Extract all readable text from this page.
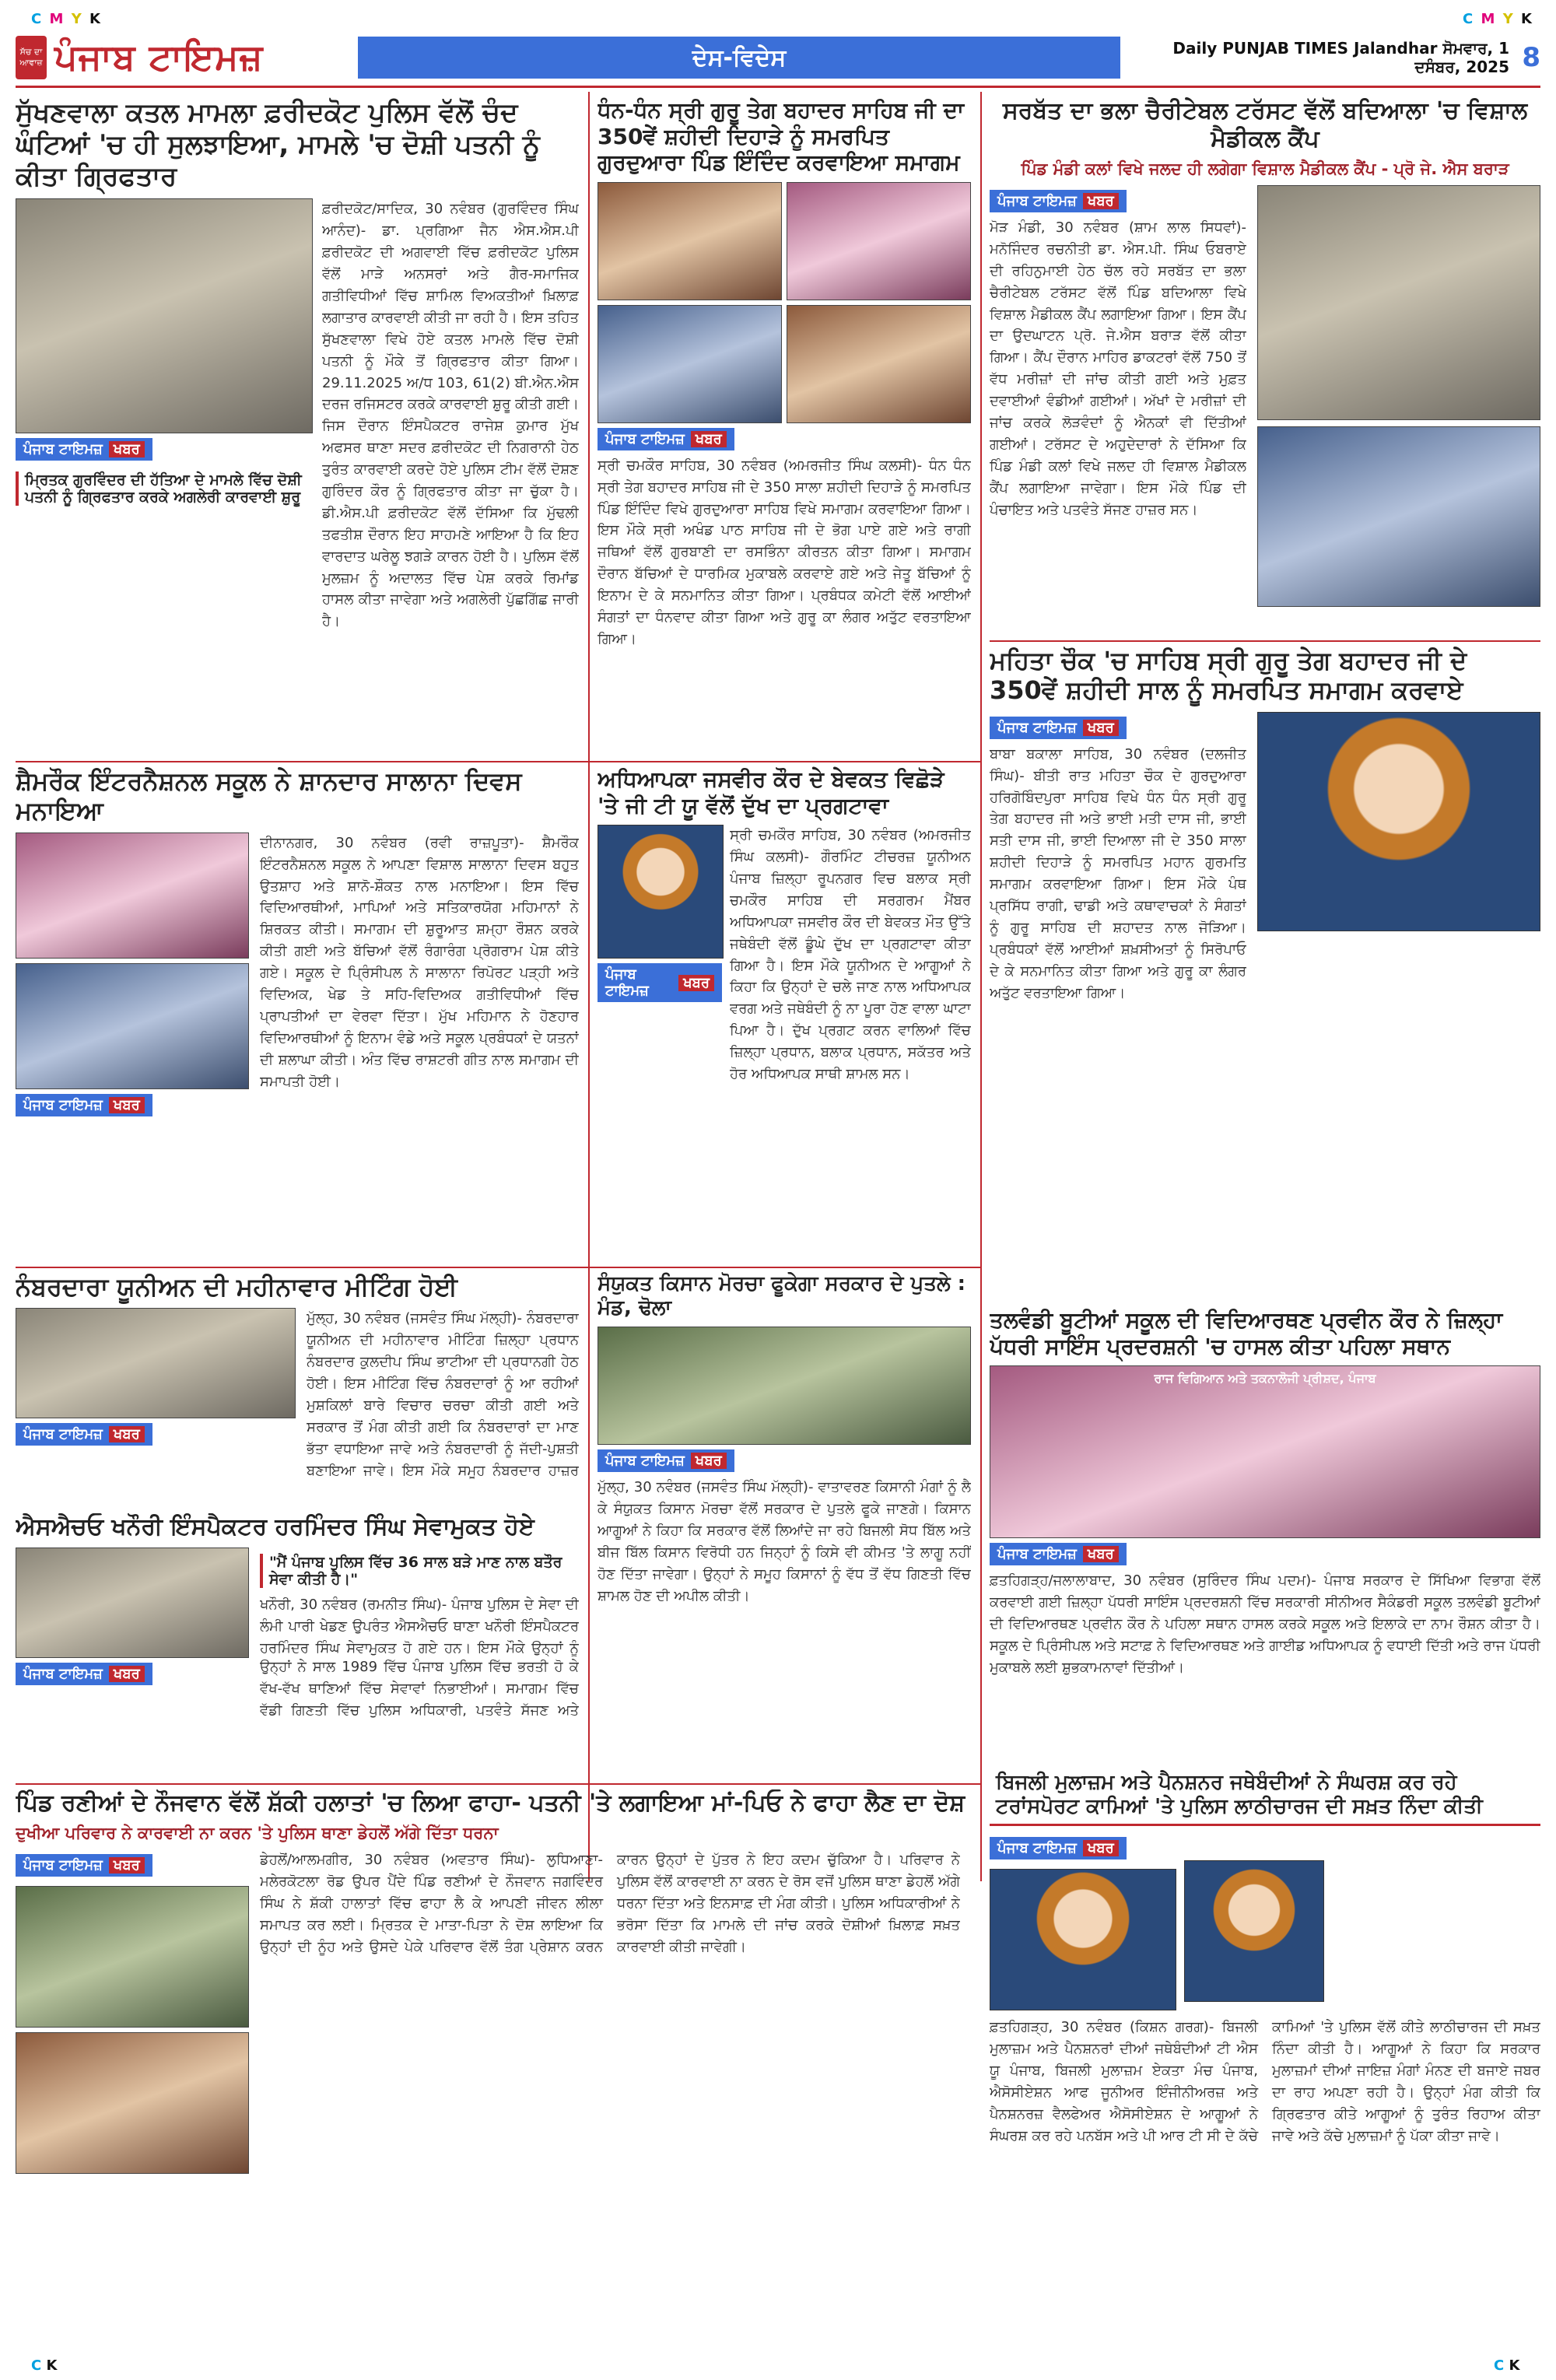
C M Y K	C M Y K
ਸੱਚ ਦਾ ਆਵਾਜ਼ ਪੰਜਾਬ ਟਾਇਮਜ਼	ਦੇਸ-ਵਿਦੇਸ	Daily PUNJAB TIMES Jalandhar ਸੋਮਵਾਰ, 1 ਦਸੰਬਰ, 2025 8
ਸੁੱਖਣਵਾਲਾ ਕਤਲ ਮਾਮਲਾ ਫ਼ਰੀਦਕੋਟ ਪੁਲਿਸ ਵੱਲੋਂ ਚੰਦ ਘੰਟਿਆਂ 'ਚ ਹੀ ਸੁਲਝਾਇਆ, ਮਾਮਲੇ 'ਚ ਦੋਸ਼ੀ ਪਤਨੀ ਨੂੰ ਕੀਤਾ ਗ੍ਰਿਫਤਾਰ
ਪੰਜਾਬ ਟਾਇਮਜ਼ ਖਬਰ
ਮ੍ਰਿਤਕ ਗੁਰਵਿੰਦਰ ਦੀ ਹੱਤਿਆ ਦੇ ਮਾਮਲੇ ਵਿੱਚ ਦੋਸ਼ੀ ਪਤਨੀ ਨੂੰ ਗ੍ਰਿਫਤਾਰ ਕਰਕੇ ਅਗਲੇਰੀ ਕਾਰਵਾਈ ਸ਼ੁਰੂ
ਫ਼ਰੀਦਕੋਟ/ਸਾਦਿਕ, 30 ਨਵੰਬਰ (ਗੁਰਵਿੰਦਰ ਸਿੰਘ ਆਨੰਦ)- ਡਾ. ਪ੍ਰਗਿਆ ਜੈਨ ਐਸ.ਐਸ.ਪੀ ਫ਼ਰੀਦਕੋਟ ਦੀ ਅਗਵਾਈ ਵਿੱਚ ਫ਼ਰੀਦਕੋਟ ਪੁਲਿਸ ਵੱਲੋਂ ਮਾੜੇ ਅਨਸਰਾਂ ਅਤੇ ਗੈਰ-ਸਮਾਜਿਕ ਗਤੀਵਿਧੀਆਂ ਵਿੱਚ ਸ਼ਾਮਿਲ ਵਿਅਕਤੀਆਂ ਖ਼ਿਲਾਫ਼ ਲਗਾਤਾਰ ਕਾਰਵਾਈ ਕੀਤੀ ਜਾ ਰਹੀ ਹੈ। ਇਸ ਤਹਿਤ ਸੁੱਖਣਵਾਲਾ ਵਿਖੇ ਹੋਏ ਕਤਲ ਮਾਮਲੇ ਵਿੱਚ ਦੋਸ਼ੀ ਪਤਨੀ ਨੂੰ ਮੌਕੇ ਤੋਂ ਗ੍ਰਿਫਤਾਰ ਕੀਤਾ ਗਿਆ। 29.11.2025 ਅ/ਧ 103, 61(2) ਬੀ.ਐਨ.ਐਸ ਦਰਜ ਰਜਿਸਟਰ ਕਰਕੇ ਕਾਰਵਾਈ ਸ਼ੁਰੂ ਕੀਤੀ ਗਈ। ਜਿਸ ਦੌਰਾਨ ਇੰਸਪੈਕਟਰ ਰਾਜੇਸ਼ ਕੁਮਾਰ ਮੁੱਖ ਅਫਸਰ ਥਾਣਾ ਸਦਰ ਫ਼ਰੀਦਕੋਟ ਦੀ ਨਿਗਰਾਨੀ ਹੇਠ ਤੁਰੰਤ ਕਾਰਵਾਈ ਕਰਦੇ ਹੋਏ ਪੁਲਿਸ ਟੀਮ ਵੱਲੋਂ ਦੋਸ਼ਣ ਗੁਰਿੰਦਰ ਕੌਰ ਨੂੰ ਗ੍ਰਿਫਤਾਰ ਕੀਤਾ ਜਾ ਚੁੱਕਾ ਹੈ। ਡੀ.ਐਸ.ਪੀ ਫ਼ਰੀਦਕੋਟ ਵੱਲੋਂ ਦੱਸਿਆ ਕਿ ਮੁੱਢਲੀ ਤਫਤੀਸ਼ ਦੌਰਾਨ ਇਹ ਸਾਹਮਣੇ ਆਇਆ ਹੈ ਕਿ ਇਹ ਵਾਰਦਾਤ ਘਰੇਲੂ ਝਗੜੇ ਕਾਰਨ ਹੋਈ ਹੈ। ਪੁਲਿਸ ਵੱਲੋਂ ਮੁਲਜ਼ਮ ਨੂੰ ਅਦਾਲਤ ਵਿੱਚ ਪੇਸ਼ ਕਰਕੇ ਰਿਮਾਂਡ ਹਾਸਲ ਕੀਤਾ ਜਾਵੇਗਾ ਅਤੇ ਅਗਲੇਰੀ ਪੁੱਛਗਿੱਛ ਜਾਰੀ ਹੈ।
ਧੰਨ-ਧੰਨ ਸ੍ਰੀ ਗੁਰੂ ਤੇਗ ਬਹਾਦਰ ਸਾਹਿਬ ਜੀ ਦਾ 350ਵੇਂ ਸ਼ਹੀਦੀ ਦਿਹਾੜੇ ਨੂੰ ਸਮਰਪਿਤ ਗੁਰਦੁਆਰਾ ਪਿੰਡ ਇੰਦਿੰਦ ਕਰਵਾਇਆ ਸਮਾਗਮ
ਪੰਜਾਬ ਟਾਇਮਜ਼ ਖਬਰ
ਸ੍ਰੀ ਚਮਕੌਰ ਸਾਹਿਬ, 30 ਨਵੰਬਰ (ਅਮਰਜੀਤ ਸਿੰਘ ਕਲਸੀ)- ਧੰਨ ਧੰਨ ਸ੍ਰੀ ਤੇਗ ਬਹਾਦਰ ਸਾਹਿਬ ਜੀ ਦੇ 350 ਸਾਲਾ ਸ਼ਹੀਦੀ ਦਿਹਾੜੇ ਨੂੰ ਸਮਰਪਿਤ ਪਿੰਡ ਇੰਦਿੰਦ ਵਿਖੇ ਗੁਰਦੁਆਰਾ ਸਾਹਿਬ ਵਿਖੇ ਸਮਾਗਮ ਕਰਵਾਇਆ ਗਿਆ। ਇਸ ਮੌਕੇ ਸ੍ਰੀ ਅਖੰਡ ਪਾਠ ਸਾਹਿਬ ਜੀ ਦੇ ਭੋਗ ਪਾਏ ਗਏ ਅਤੇ ਰਾਗੀ ਜਥਿਆਂ ਵੱਲੋਂ ਗੁਰਬਾਣੀ ਦਾ ਰਸਭਿੰਨਾ ਕੀਰਤਨ ਕੀਤਾ ਗਿਆ। ਸਮਾਗਮ ਦੌਰਾਨ ਬੱਚਿਆਂ ਦੇ ਧਾਰਮਿਕ ਮੁਕਾਬਲੇ ਕਰਵਾਏ ਗਏ ਅਤੇ ਜੇਤੂ ਬੱਚਿਆਂ ਨੂੰ ਇਨਾਮ ਦੇ ਕੇ ਸਨਮਾਨਿਤ ਕੀਤਾ ਗਿਆ। ਪ੍ਰਬੰਧਕ ਕਮੇਟੀ ਵੱਲੋਂ ਆਈਆਂ ਸੰਗਤਾਂ ਦਾ ਧੰਨਵਾਦ ਕੀਤਾ ਗਿਆ ਅਤੇ ਗੁਰੂ ਕਾ ਲੰਗਰ ਅਤੁੱਟ ਵਰਤਾਇਆ ਗਿਆ।
ਸਰਬੱਤ ਦਾ ਭਲਾ ਚੈਰੀਟੇਬਲ ਟਰੱਸਟ ਵੱਲੋਂ ਬਦਿਆਲਾ 'ਚ ਵਿਸ਼ਾਲ ਮੈਡੀਕਲ ਕੈਂਪ
ਪਿੰਡ ਮੰਡੀ ਕਲਾਂ ਵਿਖੇ ਜਲਦ ਹੀ ਲਗੇਗਾ ਵਿਸ਼ਾਲ ਮੈਡੀਕਲ ਕੈਂਪ - ਪ੍ਰੋ ਜੇ. ਐਸ ਬਰਾੜ
ਪੰਜਾਬ ਟਾਇਮਜ਼ ਖਬਰ
ਮੋੜ ਮੰਡੀ, 30 ਨਵੰਬਰ (ਸ਼ਾਮ ਲਾਲ ਸਿਧਵਾਂ)- ਮਨੋਜਿੰਦਰ ਰਚਨੀਤੀ ਡਾ. ਐਸ.ਪੀ. ਸਿੰਘ ਓਬਰਾਏ ਦੀ ਰਹਿਨੁਮਾਈ ਹੇਠ ਚੱਲ ਰਹੇ ਸਰਬੱਤ ਦਾ ਭਲਾ ਚੈਰੀਟੇਬਲ ਟਰੱਸਟ ਵੱਲੋਂ ਪਿੰਡ ਬਦਿਆਲਾ ਵਿਖੇ ਵਿਸ਼ਾਲ ਮੈਡੀਕਲ ਕੈਂਪ ਲਗਾਇਆ ਗਿਆ। ਇਸ ਕੈਂਪ ਦਾ ਉਦਘਾਟਨ ਪ੍ਰੋ. ਜੇ.ਐਸ ਬਰਾੜ ਵੱਲੋਂ ਕੀਤਾ ਗਿਆ। ਕੈਂਪ ਦੌਰਾਨ ਮਾਹਿਰ ਡਾਕਟਰਾਂ ਵੱਲੋਂ 750 ਤੋਂ ਵੱਧ ਮਰੀਜ਼ਾਂ ਦੀ ਜਾਂਚ ਕੀਤੀ ਗਈ ਅਤੇ ਮੁਫ਼ਤ ਦਵਾਈਆਂ ਵੰਡੀਆਂ ਗਈਆਂ। ਅੱਖਾਂ ਦੇ ਮਰੀਜ਼ਾਂ ਦੀ ਜਾਂਚ ਕਰਕੇ ਲੋੜਵੰਦਾਂ ਨੂੰ ਐਨਕਾਂ ਵੀ ਦਿੱਤੀਆਂ ਗਈਆਂ। ਟਰੱਸਟ ਦੇ ਅਹੁਦੇਦਾਰਾਂ ਨੇ ਦੱਸਿਆ ਕਿ ਪਿੰਡ ਮੰਡੀ ਕਲਾਂ ਵਿਖੇ ਜਲਦ ਹੀ ਵਿਸ਼ਾਲ ਮੈਡੀਕਲ ਕੈਂਪ ਲਗਾਇਆ ਜਾਵੇਗਾ। ਇਸ ਮੌਕੇ ਪਿੰਡ ਦੀ ਪੰਚਾਇਤ ਅਤੇ ਪਤਵੰਤੇ ਸੱਜਣ ਹਾਜ਼ਰ ਸਨ।
ਸ਼ੈਮਰੌਕ ਇੰਟਰਨੈਸ਼ਨਲ ਸਕੂਲ ਨੇ ਸ਼ਾਨਦਾਰ ਸਾਲਾਨਾ ਦਿਵਸ ਮਨਾਇਆ
ਪੰਜਾਬ ਟਾਇਮਜ਼ ਖਬਰ
ਦੀਨਾਨਗਰ, 30 ਨਵੰਬਰ (ਰਵੀ ਰਾਜ਼ਪੂਤਾ)- ਸ਼ੈਮਰੌਕ ਇੰਟਰਨੈਸ਼ਨਲ ਸਕੂਲ ਨੇ ਆਪਣਾ ਵਿਸ਼ਾਲ ਸਾਲਾਨਾ ਦਿਵਸ ਬਹੁਤ ਉਤਸ਼ਾਹ ਅਤੇ ਸ਼ਾਨੋ-ਸ਼ੌਕਤ ਨਾਲ ਮਨਾਇਆ। ਇਸ ਵਿੱਚ ਵਿਦਿਆਰਥੀਆਂ, ਮਾਪਿਆਂ ਅਤੇ ਸਤਿਕਾਰਯੋਗ ਮਹਿਮਾਨਾਂ ਨੇ ਸ਼ਿਰਕਤ ਕੀਤੀ। ਸਮਾਗਮ ਦੀ ਸ਼ੁਰੂਆਤ ਸ਼ਮ੍ਹਾ ਰੌਸ਼ਨ ਕਰਕੇ ਕੀਤੀ ਗਈ ਅਤੇ ਬੱਚਿਆਂ ਵੱਲੋਂ ਰੰਗਾਰੰਗ ਪ੍ਰੋਗਰਾਮ ਪੇਸ਼ ਕੀਤੇ ਗਏ। ਸਕੂਲ ਦੇ ਪ੍ਰਿੰਸੀਪਲ ਨੇ ਸਾਲਾਨਾ ਰਿਪੋਰਟ ਪੜ੍ਹੀ ਅਤੇ ਵਿਦਿਅਕ, ਖੇਡ ਤੇ ਸਹਿ-ਵਿਦਿਅਕ ਗਤੀਵਿਧੀਆਂ ਵਿੱਚ ਪ੍ਰਾਪਤੀਆਂ ਦਾ ਵੇਰਵਾ ਦਿੱਤਾ। ਮੁੱਖ ਮਹਿਮਾਨ ਨੇ ਹੋਣਹਾਰ ਵਿਦਿਆਰਥੀਆਂ ਨੂੰ ਇਨਾਮ ਵੰਡੇ ਅਤੇ ਸਕੂਲ ਪ੍ਰਬੰਧਕਾਂ ਦੇ ਯਤਨਾਂ ਦੀ ਸ਼ਲਾਘਾ ਕੀਤੀ। ਅੰਤ ਵਿੱਚ ਰਾਸ਼ਟਰੀ ਗੀਤ ਨਾਲ ਸਮਾਗਮ ਦੀ ਸਮਾਪਤੀ ਹੋਈ।
ਅਧਿਆਪਕਾ ਜਸਵੀਰ ਕੌਰ ਦੇ ਬੇਵਕਤ ਵਿਛੋੜੇ 'ਤੇ ਜੀ ਟੀ ਯੂ ਵੱਲੋਂ ਦੁੱਖ ਦਾ ਪ੍ਰਗਟਾਵਾ
ਪੰਜਾਬ ਟਾਇਮਜ਼	ਖਬਰ
ਸ੍ਰੀ ਚਮਕੌਰ ਸਾਹਿਬ, 30 ਨਵੰਬਰ (ਅਮਰਜੀਤ ਸਿੰਘ ਕਲਸੀ)- ਗੌਰਮਿੰਟ ਟੀਚਰਜ਼ ਯੂਨੀਅਨ ਪੰਜਾਬ ਜ਼ਿਲ੍ਹਾ ਰੂਪਨਗਰ ਵਿਚ ਬਲਾਕ ਸ੍ਰੀ ਚਮਕੌਰ ਸਾਹਿਬ ਦੀ ਸਰਗਰਮ ਮੈਂਬਰ ਅਧਿਆਪਕਾ ਜਸਵੀਰ ਕੌਰ ਦੀ ਬੇਵਕਤ ਮੌਤ ਉੱਤੇ ਜਥੇਬੰਦੀ ਵੱਲੋਂ ਡੂੰਘੇ ਦੁੱਖ ਦਾ ਪ੍ਰਗਟਾਵਾ ਕੀਤਾ ਗਿਆ ਹੈ। ਇਸ ਮੌਕੇ ਯੂਨੀਅਨ ਦੇ ਆਗੂਆਂ ਨੇ ਕਿਹਾ ਕਿ ਉਨ੍ਹਾਂ ਦੇ ਚਲੇ ਜਾਣ ਨਾਲ ਅਧਿਆਪਕ ਵਰਗ ਅਤੇ ਜਥੇਬੰਦੀ ਨੂੰ ਨਾ ਪੂਰਾ ਹੋਣ ਵਾਲਾ ਘਾਟਾ ਪਿਆ ਹੈ। ਦੁੱਖ ਪ੍ਰਗਟ ਕਰਨ ਵਾਲਿਆਂ ਵਿੱਚ ਜ਼ਿਲ੍ਹਾ ਪ੍ਰਧਾਨ, ਬਲਾਕ ਪ੍ਰਧਾਨ, ਸਕੱਤਰ ਅਤੇ ਹੋਰ ਅਧਿਆਪਕ ਸਾਥੀ ਸ਼ਾਮਲ ਸਨ।
ਮਹਿਤਾ ਚੌਕ 'ਚ ਸਾਹਿਬ ਸ੍ਰੀ ਗੁਰੂ ਤੇਗ ਬਹਾਦਰ ਜੀ ਦੇ 350ਵੇਂ ਸ਼ਹੀਦੀ ਸਾਲ ਨੂੰ ਸਮਰਪਿਤ ਸਮਾਗਮ ਕਰਵਾਏ
ਪੰਜਾਬ ਟਾਇਮਜ਼ ਖਬਰ
ਬਾਬਾ ਬਕਾਲਾ ਸਾਹਿਬ, 30 ਨਵੰਬਰ (ਦਲਜੀਤ ਸਿੰਘ)- ਬੀਤੀ ਰਾਤ ਮਹਿਤਾ ਚੌਕ ਦੇ ਗੁਰਦੁਆਰਾ ਹਰਿਗੋਬਿੰਦਪੁਰਾ ਸਾਹਿਬ ਵਿਖੇ ਧੰਨ ਧੰਨ ਸ੍ਰੀ ਗੁਰੂ ਤੇਗ ਬਹਾਦਰ ਜੀ ਅਤੇ ਭਾਈ ਮਤੀ ਦਾਸ ਜੀ, ਭਾਈ ਸਤੀ ਦਾਸ ਜੀ, ਭਾਈ ਦਿਆਲਾ ਜੀ ਦੇ 350 ਸਾਲਾ ਸ਼ਹੀਦੀ ਦਿਹਾੜੇ ਨੂੰ ਸਮਰਪਿਤ ਮਹਾਨ ਗੁਰਮਤਿ ਸਮਾਗਮ ਕਰਵਾਇਆ ਗਿਆ। ਇਸ ਮੌਕੇ ਪੰਥ ਪ੍ਰਸਿੱਧ ਰਾਗੀ, ਢਾਡੀ ਅਤੇ ਕਥਾਵਾਚਕਾਂ ਨੇ ਸੰਗਤਾਂ ਨੂੰ ਗੁਰੂ ਸਾਹਿਬ ਦੀ ਸ਼ਹਾਦਤ ਨਾਲ ਜੋੜਿਆ। ਪ੍ਰਬੰਧਕਾਂ ਵੱਲੋਂ ਆਈਆਂ ਸ਼ਖ਼ਸੀਅਤਾਂ ਨੂੰ ਸਿਰੋਪਾਓ ਦੇ ਕੇ ਸਨਮਾਨਿਤ ਕੀਤਾ ਗਿਆ ਅਤੇ ਗੁਰੂ ਕਾ ਲੰਗਰ ਅਤੁੱਟ ਵਰਤਾਇਆ ਗਿਆ।
ਨੰਬਰਦਾਰਾ ਯੂਨੀਅਨ ਦੀ ਮਹੀਨਾਵਾਰ ਮੀਟਿੰਗ ਹੋਈ
ਪੰਜਾਬ ਟਾਇਮਜ਼ ਖਬਰ
ਮੁੱਲ੍ਹ, 30 ਨਵੰਬਰ (ਜਸਵੰਤ ਸਿੰਘ ਮੱਲ੍ਹੀ)- ਨੰਬਰਦਾਰਾ ਯੂਨੀਅਨ ਦੀ ਮਹੀਨਾਵਾਰ ਮੀਟਿੰਗ ਜ਼ਿਲ੍ਹਾ ਪ੍ਰਧਾਨ ਨੰਬਰਦਾਰ ਕੁਲਦੀਪ ਸਿੰਘ ਭਾਟੀਆ ਦੀ ਪ੍ਰਧਾਨਗੀ ਹੇਠ ਹੋਈ। ਇਸ ਮੀਟਿੰਗ ਵਿੱਚ ਨੰਬਰਦਾਰਾਂ ਨੂੰ ਆ ਰਹੀਆਂ ਮੁਸ਼ਕਿਲਾਂ ਬਾਰੇ ਵਿਚਾਰ ਚਰਚਾ ਕੀਤੀ ਗਈ ਅਤੇ ਸਰਕਾਰ ਤੋਂ ਮੰਗ ਕੀਤੀ ਗਈ ਕਿ ਨੰਬਰਦਾਰਾਂ ਦਾ ਮਾਣ ਭੱਤਾ ਵਧਾਇਆ ਜਾਵੇ ਅਤੇ ਨੰਬਰਦਾਰੀ ਨੂੰ ਜੱਦੀ-ਪੁਸ਼ਤੀ ਬਣਾਇਆ ਜਾਵੇ। ਇਸ ਮੌਕੇ ਸਮੂਹ ਨੰਬਰਦਾਰ ਹਾਜ਼ਰ
ਸੰਯੁਕਤ ਕਿਸਾਨ ਮੋਰਚਾ ਫੂਕੇਗਾ ਸਰਕਾਰ ਦੇ ਪੁਤਲੇ : ਮੰਡ, ਢੋਲਾ
ਪੰਜਾਬ ਟਾਇਮਜ਼ ਖਬਰ
ਮੁੱਲ੍ਹ, 30 ਨਵੰਬਰ (ਜਸਵੰਤ ਸਿੰਘ ਮੱਲ੍ਹੀ)- ਵਾਤਾਵਰਣ ਕਿਸਾਨੀ ਮੰਗਾਂ ਨੂੰ ਲੈ ਕੇ ਸੰਯੁਕਤ ਕਿਸਾਨ ਮੋਰਚਾ ਵੱਲੋਂ ਸਰਕਾਰ ਦੇ ਪੁਤਲੇ ਫੂਕੇ ਜਾਣਗੇ। ਕਿਸਾਨ ਆਗੂਆਂ ਨੇ ਕਿਹਾ ਕਿ ਸਰਕਾਰ ਵੱਲੋਂ ਲਿਆਂਦੇ ਜਾ ਰਹੇ ਬਿਜਲੀ ਸੋਧ ਬਿੱਲ ਅਤੇ ਬੀਜ ਬਿੱਲ ਕਿਸਾਨ ਵਿਰੋਧੀ ਹਨ ਜਿਨ੍ਹਾਂ ਨੂੰ ਕਿਸੇ ਵੀ ਕੀਮਤ 'ਤੇ ਲਾਗੂ ਨਹੀਂ ਹੋਣ ਦਿੱਤਾ ਜਾਵੇਗਾ। ਉਨ੍ਹਾਂ ਨੇ ਸਮੂਹ ਕਿਸਾਨਾਂ ਨੂੰ ਵੱਧ ਤੋਂ ਵੱਧ ਗਿਣਤੀ ਵਿੱਚ ਸ਼ਾਮਲ ਹੋਣ ਦੀ ਅਪੀਲ ਕੀਤੀ।
ਤਲਵੰਡੀ ਬੂਟੀਆਂ ਸਕੂਲ ਦੀ ਵਿਦਿਆਰਥਣ ਪ੍ਰਵੀਨ ਕੌਰ ਨੇ ਜ਼ਿਲ੍ਹਾ ਪੱਧਰੀ ਸਾਇੰਸ ਪ੍ਰਦਰਸ਼ਨੀ 'ਚ ਹਾਸਲ ਕੀਤਾ ਪਹਿਲਾ ਸਥਾਨ
ਰਾਜ ਵਿਗਿਆਨ ਅਤੇ ਤਕਨਾਲੋਜੀ ਪ੍ਰੀਸ਼ਦ, ਪੰਜਾਬ
ਪੰਜਾਬ ਟਾਇਮਜ਼ ਖਬਰ
ਫ਼ਤਹਿਗੜ੍ਹ/ਜਲਾਲਾਬਾਦ, 30 ਨਵੰਬਰ (ਸੁਰਿੰਦਰ ਸਿੰਘ ਪਦਮ)- ਪੰਜਾਬ ਸਰਕਾਰ ਦੇ ਸਿੱਖਿਆ ਵਿਭਾਗ ਵੱਲੋਂ ਕਰਵਾਈ ਗਈ ਜ਼ਿਲ੍ਹਾ ਪੱਧਰੀ ਸਾਇੰਸ ਪ੍ਰਦਰਸ਼ਨੀ ਵਿੱਚ ਸਰਕਾਰੀ ਸੀਨੀਅਰ ਸੈਕੰਡਰੀ ਸਕੂਲ ਤਲਵੰਡੀ ਬੂਟੀਆਂ ਦੀ ਵਿਦਿਆਰਥਣ ਪ੍ਰਵੀਨ ਕੌਰ ਨੇ ਪਹਿਲਾ ਸਥਾਨ ਹਾਸਲ ਕਰਕੇ ਸਕੂਲ ਅਤੇ ਇਲਾਕੇ ਦਾ ਨਾਮ ਰੌਸ਼ਨ ਕੀਤਾ ਹੈ। ਸਕੂਲ ਦੇ ਪ੍ਰਿੰਸੀਪਲ ਅਤੇ ਸਟਾਫ਼ ਨੇ ਵਿਦਿਆਰਥਣ ਅਤੇ ਗਾਈਡ ਅਧਿਆਪਕ ਨੂੰ ਵਧਾਈ ਦਿੱਤੀ ਅਤੇ ਰਾਜ ਪੱਧਰੀ ਮੁਕਾਬਲੇ ਲਈ ਸ਼ੁਭਕਾਮਨਾਵਾਂ ਦਿੱਤੀਆਂ।
ਐਸਐਚਓ ਖਨੌਰੀ ਇੰਸਪੈਕਟਰ ਹਰਮਿੰਦਰ ਸਿੰਘ ਸੇਵਾਮੁਕਤ ਹੋਏ
ਪੰਜਾਬ ਟਾਇਮਜ਼ ਖਬਰ
"ਮੈਂ ਪੰਜਾਬ ਪੁਲਿਸ ਵਿੱਚ 36 ਸਾਲ ਬੜੇ ਮਾਣ ਨਾਲ ਬਤੌਰ ਸੇਵਾ ਕੀਤੀ ਹੈ।"
ਖਨੌਰੀ, 30 ਨਵੰਬਰ (ਰਮਨੀਤ ਸਿੰਘ)- ਪੰਜਾਬ ਪੁਲਿਸ ਦੇ ਸੇਵਾ ਦੀ ਲੰਮੀ ਪਾਰੀ ਖੇਡਣ ਉਪਰੰਤ ਐਸਐਚਓ ਥਾਣਾ ਖਨੌਰੀ ਇੰਸਪੈਕਟਰ ਹਰਮਿੰਦਰ ਸਿੰਘ ਸੇਵਾਮੁਕਤ ਹੋ ਗਏ ਹਨ। ਇਸ ਮੌਕੇ ਉਨ੍ਹਾਂ ਨੂੰ
ਉਨ੍ਹਾਂ ਨੇ ਸਾਲ 1989 ਵਿੱਚ ਪੰਜਾਬ ਪੁਲਿਸ ਵਿੱਚ ਭਰਤੀ ਹੋ ਕੇ ਵੱਖ-ਵੱਖ ਥਾਣਿਆਂ ਵਿੱਚ ਸੇਵਾਵਾਂ ਨਿਭਾਈਆਂ। ਸਮਾਗਮ ਵਿੱਚ ਵੱਡੀ ਗਿਣਤੀ ਵਿੱਚ ਪੁਲਿਸ ਅਧਿਕਾਰੀ, ਪਤਵੰਤੇ ਸੱਜਣ ਅਤੇ
ਬਿਜਲੀ ਮੁਲਾਜ਼ਮ ਅਤੇ ਪੈਨਸ਼ਨਰ ਜਥੇਬੰਦੀਆਂ ਨੇ ਸੰਘਰਸ਼ ਕਰ ਰਹੇ ਟਰਾਂਸਪੋਰਟ ਕਾਮਿਆਂ 'ਤੇ ਪੁਲਿਸ ਲਾਠੀਚਾਰਜ ਦੀ ਸਖ਼ਤ ਨਿੰਦਾ ਕੀਤੀ
ਪੰਜਾਬ ਟਾਇਮਜ਼ ਖਬਰ
ਫ਼ਤਹਿਗੜ੍ਹ, 30 ਨਵੰਬਰ (ਕਿਸ਼ਨ ਗਰਗ)- ਬਿਜਲੀ ਮੁਲਾਜ਼ਮ ਅਤੇ ਪੈਨਸ਼ਨਰਾਂ ਦੀਆਂ ਜਥੇਬੰਦੀਆਂ ਟੀ ਐਸ ਯੂ ਪੰਜਾਬ, ਬਿਜਲੀ ਮੁਲਾਜ਼ਮ ਏਕਤਾ ਮੰਚ ਪੰਜਾਬ, ਐਸੋਸੀਏਸ਼ਨ ਆਫ ਜੂਨੀਅਰ ਇੰਜੀਨੀਅਰਜ਼ ਅਤੇ ਪੈਨਸ਼ਨਰਜ਼ ਵੈਲਫੇਅਰ ਐਸੋਸੀਏਸ਼ਨ ਦੇ ਆਗੂਆਂ ਨੇ ਸੰਘਰਸ਼ ਕਰ ਰਹੇ ਪਨਬੱਸ ਅਤੇ ਪੀ ਆਰ ਟੀ ਸੀ ਦੇ ਕੱਚੇ ਕਾਮਿਆਂ 'ਤੇ ਪੁਲਿਸ ਵੱਲੋਂ ਕੀਤੇ ਲਾਠੀਚਾਰਜ ਦੀ ਸਖ਼ਤ ਨਿੰਦਾ ਕੀਤੀ ਹੈ। ਆਗੂਆਂ ਨੇ ਕਿਹਾ ਕਿ ਸਰਕਾਰ ਮੁਲਾਜ਼ਮਾਂ ਦੀਆਂ ਜਾਇਜ਼ ਮੰਗਾਂ ਮੰਨਣ ਦੀ ਬਜਾਏ ਜਬਰ ਦਾ ਰਾਹ ਅਪਣਾ ਰਹੀ ਹੈ। ਉਨ੍ਹਾਂ ਮੰਗ ਕੀਤੀ ਕਿ ਗ੍ਰਿਫਤਾਰ ਕੀਤੇ ਆਗੂਆਂ ਨੂੰ ਤੁਰੰਤ ਰਿਹਾਅ ਕੀਤਾ ਜਾਵੇ ਅਤੇ ਕੱਚੇ ਮੁਲਾਜ਼ਮਾਂ ਨੂੰ ਪੱਕਾ ਕੀਤਾ ਜਾਵੇ।
ਪਿੰਡ ਰਣੀਆਂ ਦੇ ਨੌਜਵਾਨ ਵੱਲੋਂ ਸ਼ੱਕੀ ਹਲਾਤਾਂ 'ਚ ਲਿਆ ਫਾਹਾ- ਪਤਨੀ 'ਤੇ ਲਗਾਇਆ ਮਾਂ-ਪਿਓ ਨੇ ਫਾਹਾ ਲੈਣ ਦਾ ਦੋਸ਼
ਦੁਖੀਆ ਪਰਿਵਾਰ ਨੇ ਕਾਰਵਾਈ ਨਾ ਕਰਨ 'ਤੇ ਪੁਲਿਸ ਥਾਣਾ ਡੇਹਲੋਂ ਅੱਗੇ ਦਿੱਤਾ ਧਰਨਾ
ਪੰਜਾਬ ਟਾਇਮਜ਼ ਖਬਰ	ਡੇਹਲੋਂ/ਆਲਮਗੀਰ, 30 ਨਵੰਬਰ (ਅਵਤਾਰ ਸਿੰਘ)- ਲੁਧਿਆਣਾ-ਮਲੇਰਕੋਟਲਾ ਰੋਡ ਉਪਰ ਪੈਂਦੇ ਪਿੰਡ ਰਣੀਆਂ ਦੇ ਨੌਜਵਾਨ ਜਗਵਿੰਦਰ ਸਿੰਘ ਨੇ ਸ਼ੱਕੀ ਹਾਲਾਤਾਂ ਵਿੱਚ ਫਾਹਾ ਲੈ ਕੇ ਆਪਣੀ ਜੀਵਨ ਲੀਲਾ ਸਮਾਪਤ ਕਰ ਲਈ। ਮ੍ਰਿਤਕ ਦੇ ਮਾਤਾ-ਪਿਤਾ ਨੇ ਦੋਸ਼ ਲਾਇਆ ਕਿ ਉਨ੍ਹਾਂ ਦੀ ਨੂੰਹ ਅਤੇ ਉਸਦੇ ਪੇਕੇ ਪਰਿਵਾਰ ਵੱਲੋਂ ਤੰਗ ਪ੍ਰੇਸ਼ਾਨ ਕਰਨ ਕਾਰਨ ਉਨ੍ਹਾਂ ਦੇ ਪੁੱਤਰ ਨੇ ਇਹ ਕਦਮ ਚੁੱਕਿਆ ਹੈ। ਪਰਿਵਾਰ ਨੇ ਪੁਲਿਸ ਵੱਲੋਂ ਕਾਰਵਾਈ ਨਾ ਕਰਨ ਦੇ ਰੋਸ ਵਜੋਂ ਪੁਲਿਸ ਥਾਣਾ ਡੇਹਲੋਂ ਅੱਗੇ ਧਰਨਾ ਦਿੱਤਾ ਅਤੇ ਇਨਸਾਫ਼ ਦੀ ਮੰਗ ਕੀਤੀ। ਪੁਲਿਸ ਅਧਿਕਾਰੀਆਂ ਨੇ ਭਰੋਸਾ ਦਿੱਤਾ ਕਿ ਮਾਮਲੇ ਦੀ ਜਾਂਚ ਕਰਕੇ ਦੋਸ਼ੀਆਂ ਖ਼ਿਲਾਫ਼ ਸਖ਼ਤ ਕਾਰਵਾਈ ਕੀਤੀ ਜਾਵੇਗੀ।
C K	C K
